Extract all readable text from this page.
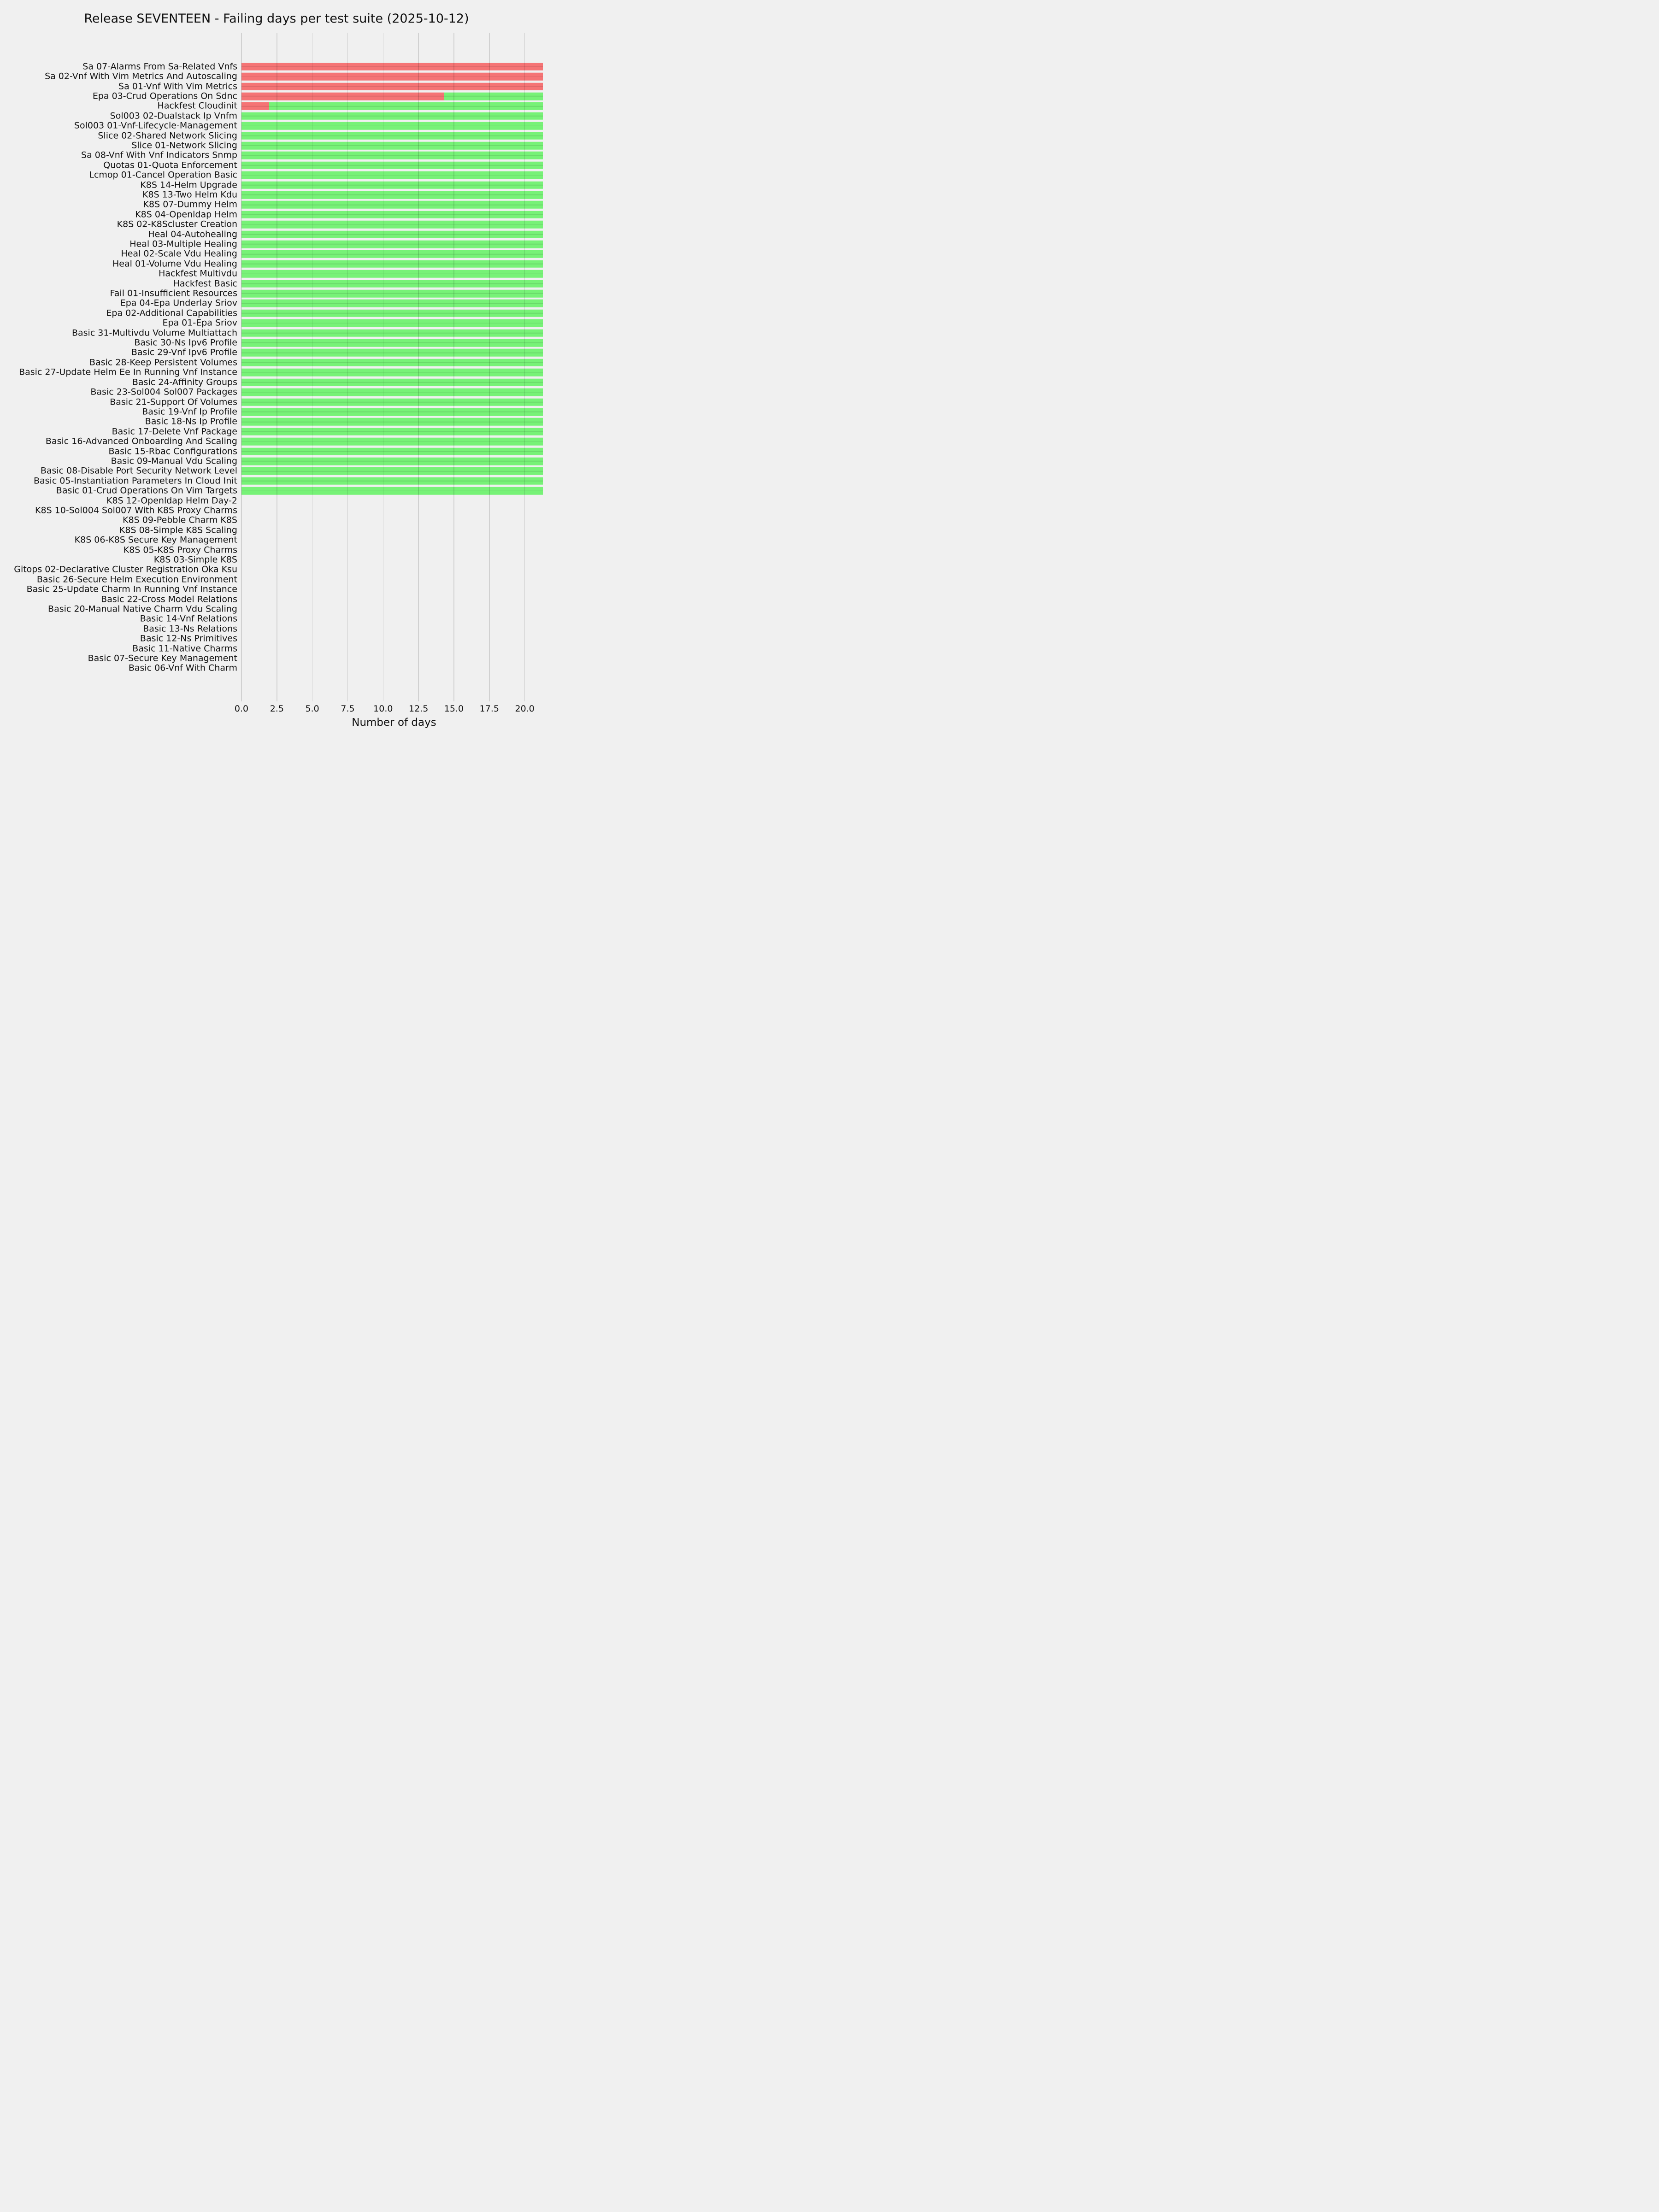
Release SEVENTEEN - Failing days per test suite (2025-10-12)
Sa 07-Alarms From Sa-Related Vnfs
Sa 02-Vnf With Vim Metrics And Autoscaling
Sa 01-Vnf With Vim Metrics
Epa 03-Crud Operations On Sdnc
Hackfest Cloudinit
Sol003 02-Dualstack Ip Vnfm
Sol003 01-Vnf-Lifecycle-Management
Slice 02-Shared Network Slicing
Slice 01-Network Slicing
Sa 08-Vnf With Vnf Indicators Snmp
Quotas 01-Quota Enforcement
Lcmop 01-Cancel Operation Basic
K8S 14-Helm Upgrade
K8S 13-Two Helm Kdu
K8S 07-Dummy Helm
K8S 04-Openldap Helm
K8S 02-K8Scluster Creation
Heal 04-Autohealing
Heal 03-Multiple Healing
Heal 02-Scale Vdu Healing
Heal 01-Volume Vdu Healing
Hackfest Multivdu
Hackfest Basic
Fail 01-Insufficient Resources
Epa 04-Epa Underlay Sriov
Epa 02-Additional Capabilities
Epa 01-Epa Sriov
Basic 31-Multivdu Volume Multiattach
Basic 30-Ns Ipv6 Profile
Basic 29-Vnf Ipv6 Profile
Basic 28-Keep Persistent Volumes
Basic 27-Update Helm Ee In Running Vnf Instance
Basic 24-Affinity Groups
Basic 23-Sol004 Sol007 Packages
Basic 21-Support Of Volumes
Basic 19-Vnf Ip Profile
Basic 18-Ns Ip Profile
Basic 17-Delete Vnf Package
Basic 16-Advanced Onboarding And Scaling
Basic 15-Rbac Configurations
Basic 09-Manual Vdu Scaling
Basic 08-Disable Port Security Network Level
Basic 05-Instantiation Parameters In Cloud Init
Basic 01-Crud Operations On Vim Targets
K8S 12-Openldap Helm Day-2
K8S 10-Sol004 Sol007 With K8S Proxy Charms
K8S 09-Pebble Charm K8S
K8S 08-Simple K8S Scaling
K8S 06-K8S Secure Key Management
K8S 05-K8S Proxy Charms
K8S 03-Simple K8S
Gitops 02-Declarative Cluster Registration Oka Ksu
Basic 26-Secure Helm Execution Environment
Basic 25-Update Charm In Running Vnf Instance
Basic 22-Cross Model Relations
Basic 20-Manual Native Charm Vdu Scaling
Basic 14-Vnf Relations
Basic 13-Ns Relations
Basic 12-Ns Primitives
Basic 11-Native Charms
Basic 07-Secure Key Management
Basic 06-Vnf With Charm
0.0 2.5 5.0 7.5 10.0 12.5 15.0 17.5 20.0
Number of days
